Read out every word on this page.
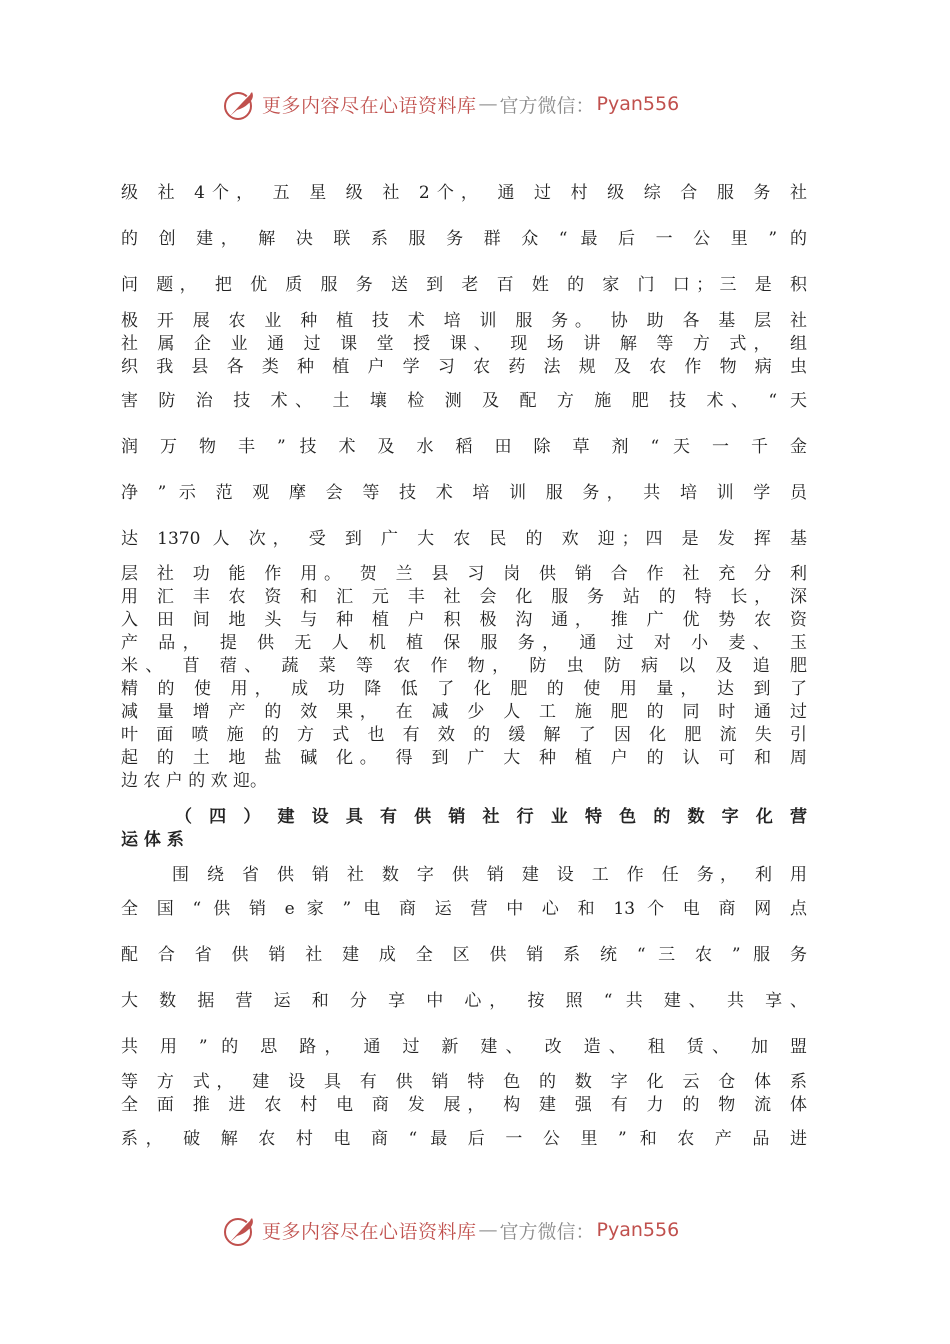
更多内容尽在心语资料库 — 官方微信： Pyan556
级 社 4个， 五 星 级 社 2个， 通 过 村 级 综 合 服 务 社
的 创 建， 解 决 联 系 服 务 群 众 “ 最 后 一 公 里 ” 的
问 题， 把 优 质 服 务 送 到 老 百 姓 的 家 门 口；三 是 积
极 开 展 农 业 种 植 技 术 培 训 服 务。 协 助 各 基 层 社
社 属 企 业 通 过 课 堂 授 课、 现 场 讲 解 等 方 式， 组
织 我 县 各 类 种 植 户 学 习 农 药 法 规 及 农 作 物 病 虫
害 防 治 技 术、 土 壤 检 测 及 配 方 施 肥 技 术、 “ 天
润 万 物 丰 ” 技 术 及 水 稻 田 除 草 剂 “ 天 一 千 金
净 ” 示 范 观 摩 会 等 技 术 培 训 服 务， 共 培 训 学 员
达 1370 人 次， 受 到 广 大 农 民 的 欢 迎；四 是 发 挥 基
层 社 功 能 作 用。 贺 兰 县 习 岗 供 销 合 作 社 充 分 利
用 汇 丰 农 资 和 汇 元 丰 社 会 化 服 务 站 的 特 长， 深
入 田 间 地 头 与 种 植 户 积 极 沟 通， 推 广 优 势 农 资
产 品， 提 供 无 人 机 植 保 服 务， 通 过 对 小 麦、 玉
米、 苜 蓿、 蔬 菜 等 农 作 物， 防 虫 防 病 以 及 追 肥
精 的 使 用， 成 功 降 低 了 化 肥 的 使 用 量， 达 到 了
减 量 增 产 的 效 果， 在 减 少 人 工 施 肥 的 同 时 通 过
叶 面 喷 施 的 方 式 也 有 效 的 缓 解 了 因 化 肥 流 失 引
起 的 土 地 盐 碱 化。 得 到 广 大 种 植 户 的 认 可 和 周
边 农 户 的 欢 迎。
（ 四 ） 建 设 具 有 供 销 社 行 业 特 色 的 数 字 化 营
运 体 系
围 绕 省 供 销 社 数 字 供 销 建 设 工 作 任 务， 利 用
全 国 “ 供 销 e 家 ” 电 商 运 营 中 心 和 13 个 电 商 网 点
配 合 省 供 销 社 建 成 全 区 供 销 系 统 “ 三 农 ” 服 务
大 数 据 营 运 和 分 享 中 心， 按 照 “ 共 建、 共 享、
共 用 ” 的 思 路， 通 过 新 建、 改 造、 租 赁、 加 盟
等 方 式， 建 设 具 有 供 销 特 色 的 数 字 化 云 仓 体 系
全 面 推 进 农 村 电 商 发 展， 构 建 强 有 力 的 物 流 体
系， 破 解 农 村 电 商 “ 最 后 一 公 里 ” 和 农 产 品 进
更多内容尽在心语资料库 — 官方微信： Pyan556
